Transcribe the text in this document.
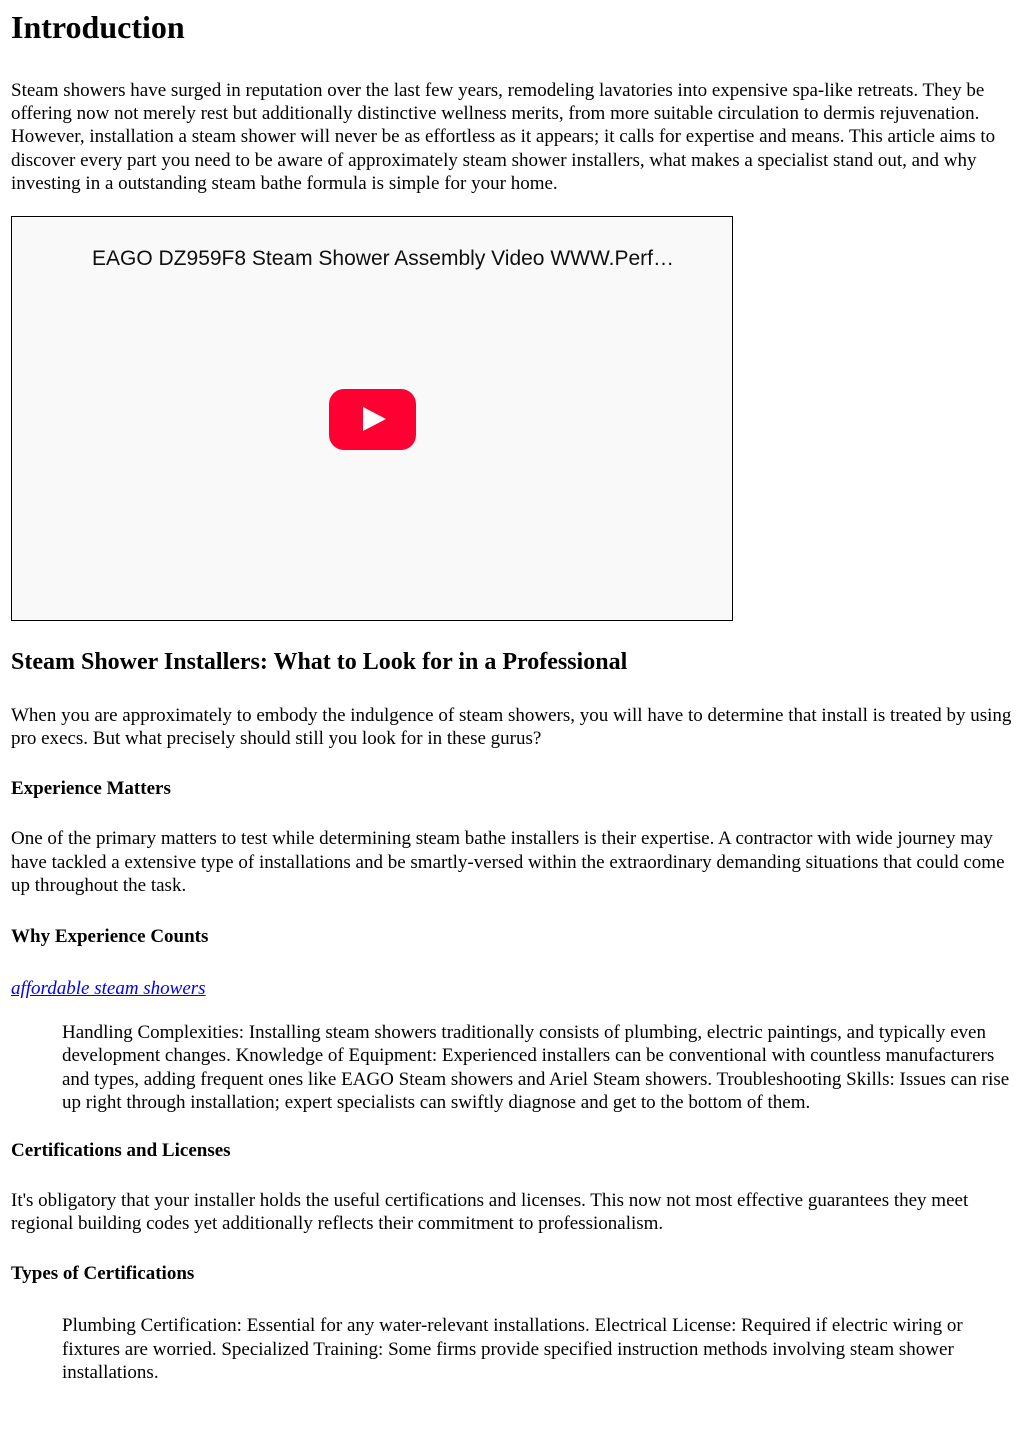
Introduction

Steam showers have surged in reputation over the last few years, remodeling lavatories into expensive spa-like retreats. They be offering now not merely rest but additionally distinctive wellness merits, from more suitable circulation to dermis rejuvenation. However, installation a steam shower will never be as effortless as it appears; it calls for expertise and means. This article aims to discover every part you need to be aware of approximately steam shower installers, what makes a specialist stand out, and why investing in a outstanding steam bathe formula is simple for your home.

EAGO DZ959F8 Steam Shower Assembly Video WWW.Perf…
Steam Shower Installers: What to Look for in a Professional

When you are approximately to embody the indulgence of steam showers, you will have to determine that install is treated by using pro execs. But what precisely should still you look for in these gurus?

Experience Matters

One of the primary matters to test while determining steam bathe installers is their expertise. A contractor with wide journey may have tackled a extensive type of installations and be smartly-versed within the extraordinary demanding situations that could come up throughout the task.

Why Experience Counts

affordable steam showers

Handling Complexities: Installing steam showers traditionally consists of plumbing, electric paintings, and typically even development changes. Knowledge of Equipment: Experienced installers can be conventional with countless manufacturers and types, adding frequent ones like EAGO Steam showers and Ariel Steam showers. Troubleshooting Skills: Issues can rise up right through installation; expert specialists can swiftly diagnose and get to the bottom of them.
Certifications and Licenses

It's obligatory that your installer holds the useful certifications and licenses. This now not most effective guarantees they meet regional building codes yet additionally reflects their commitment to professionalism.

Types of Certifications
Plumbing Certification: Essential for any water-relevant installations. Electrical License: Required if electric wiring or fixtures are worried. Specialized Training: Some firms provide specified instruction methods involving steam shower installations.
